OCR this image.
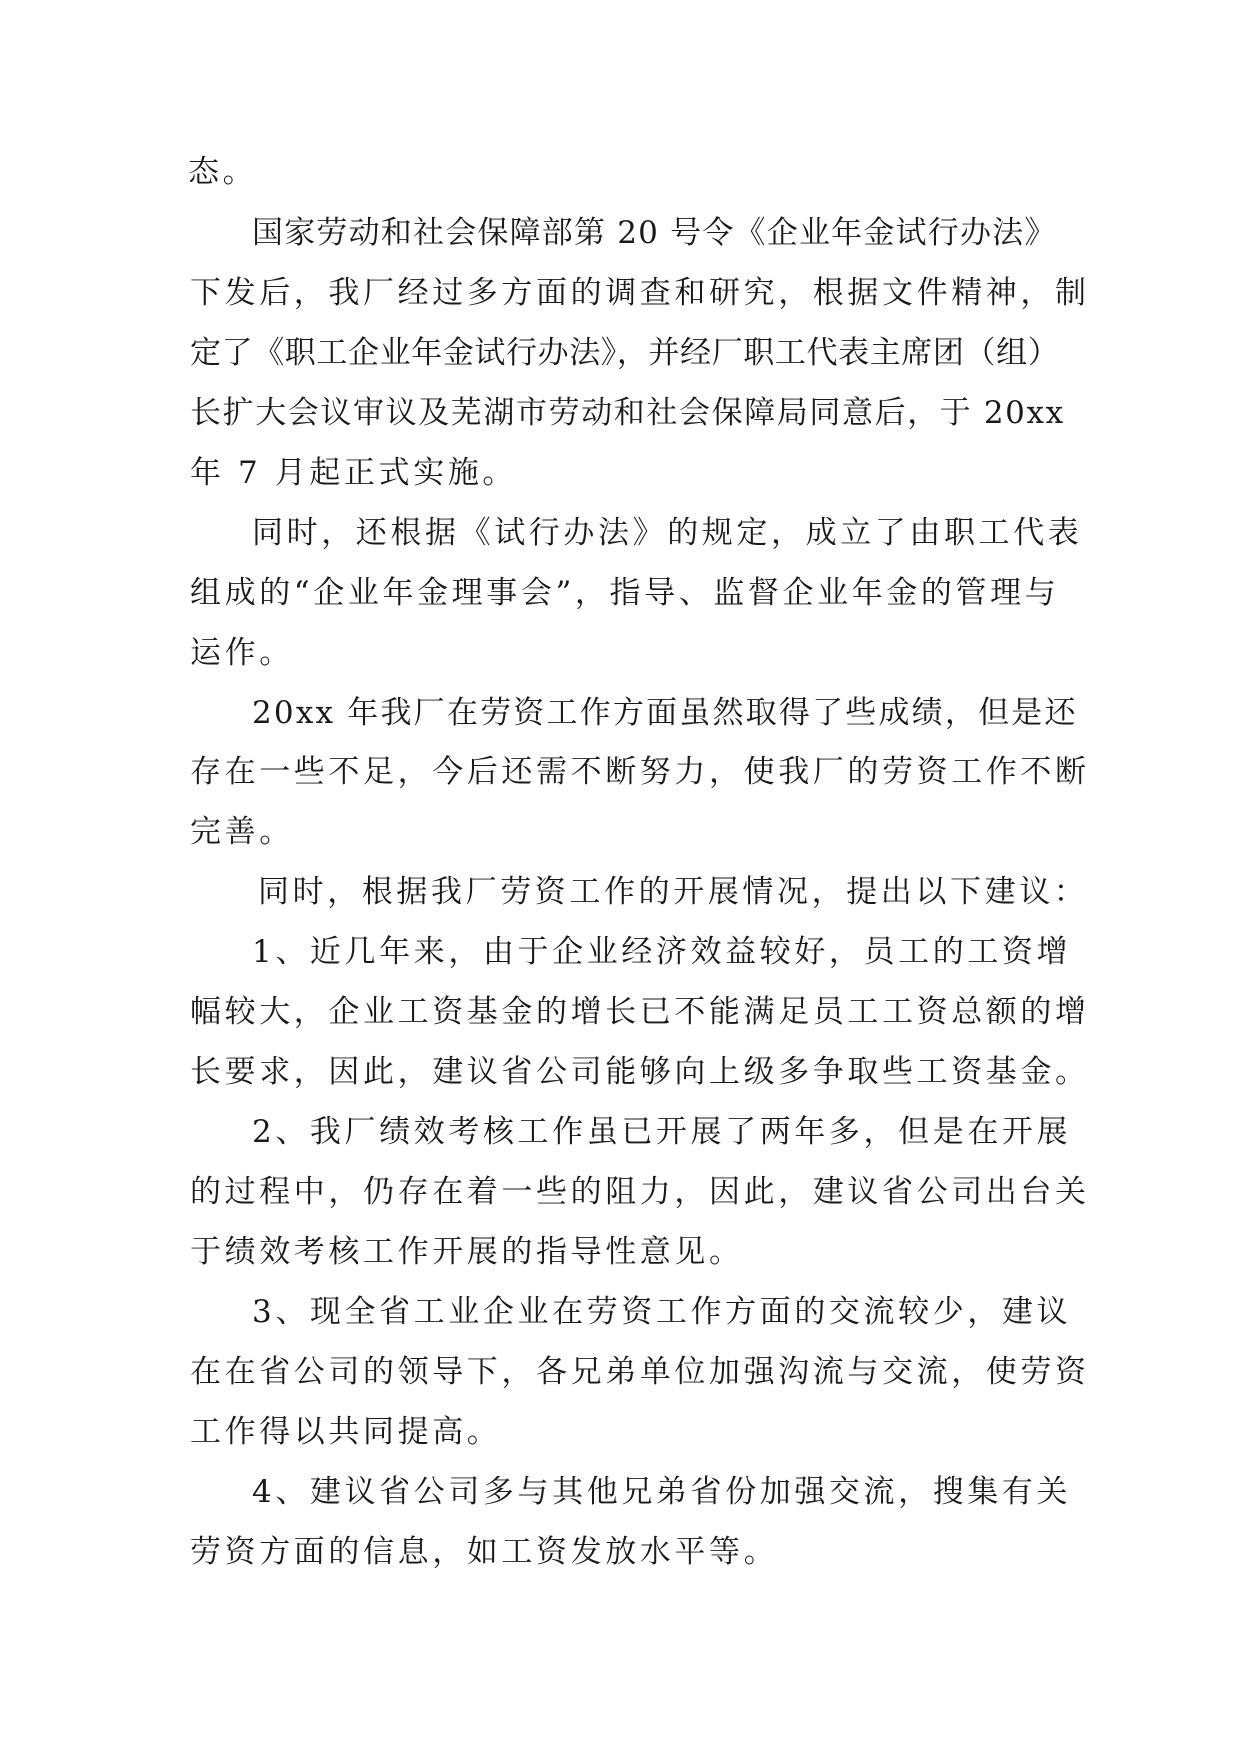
态。
国家劳动和社会保障部第 20 号令《企业年金试行办法》
下发后，我厂经过多方面的调查和研究，根据文件精神，制
定了《职工企业年金试行办法》，并经厂职工代表主席团（组）
长扩大会议审议及芜湖市劳动和社会保障局同意后，于 20xx
年 7 月起正式实施。
同时，还根据《试行办法》的规定，成立了由职工代表
组成的“企业年金理事会”，指导、监督企业年金的管理与
运作。
20xx 年我厂在劳资工作方面虽然取得了些成绩，但是还
存在一些不足，今后还需不断努力，使我厂的劳资工作不断
完善。
同时，根据我厂劳资工作的开展情况，提出以下建议：
1、近几年来，由于企业经济效益较好，员工的工资增
幅较大，企业工资基金的增长已不能满足员工工资总额的增
长要求，因此，建议省公司能够向上级多争取些工资基金。
2、我厂绩效考核工作虽已开展了两年多，但是在开展
的过程中，仍存在着一些的阻力，因此，建议省公司出台关
于绩效考核工作开展的指导性意见。
3、现全省工业企业在劳资工作方面的交流较少，建议
在在省公司的领导下，各兄弟单位加强沟流与交流，使劳资
工作得以共同提高。
4、建议省公司多与其他兄弟省份加强交流，搜集有关
劳资方面的信息，如工资发放水平等。
